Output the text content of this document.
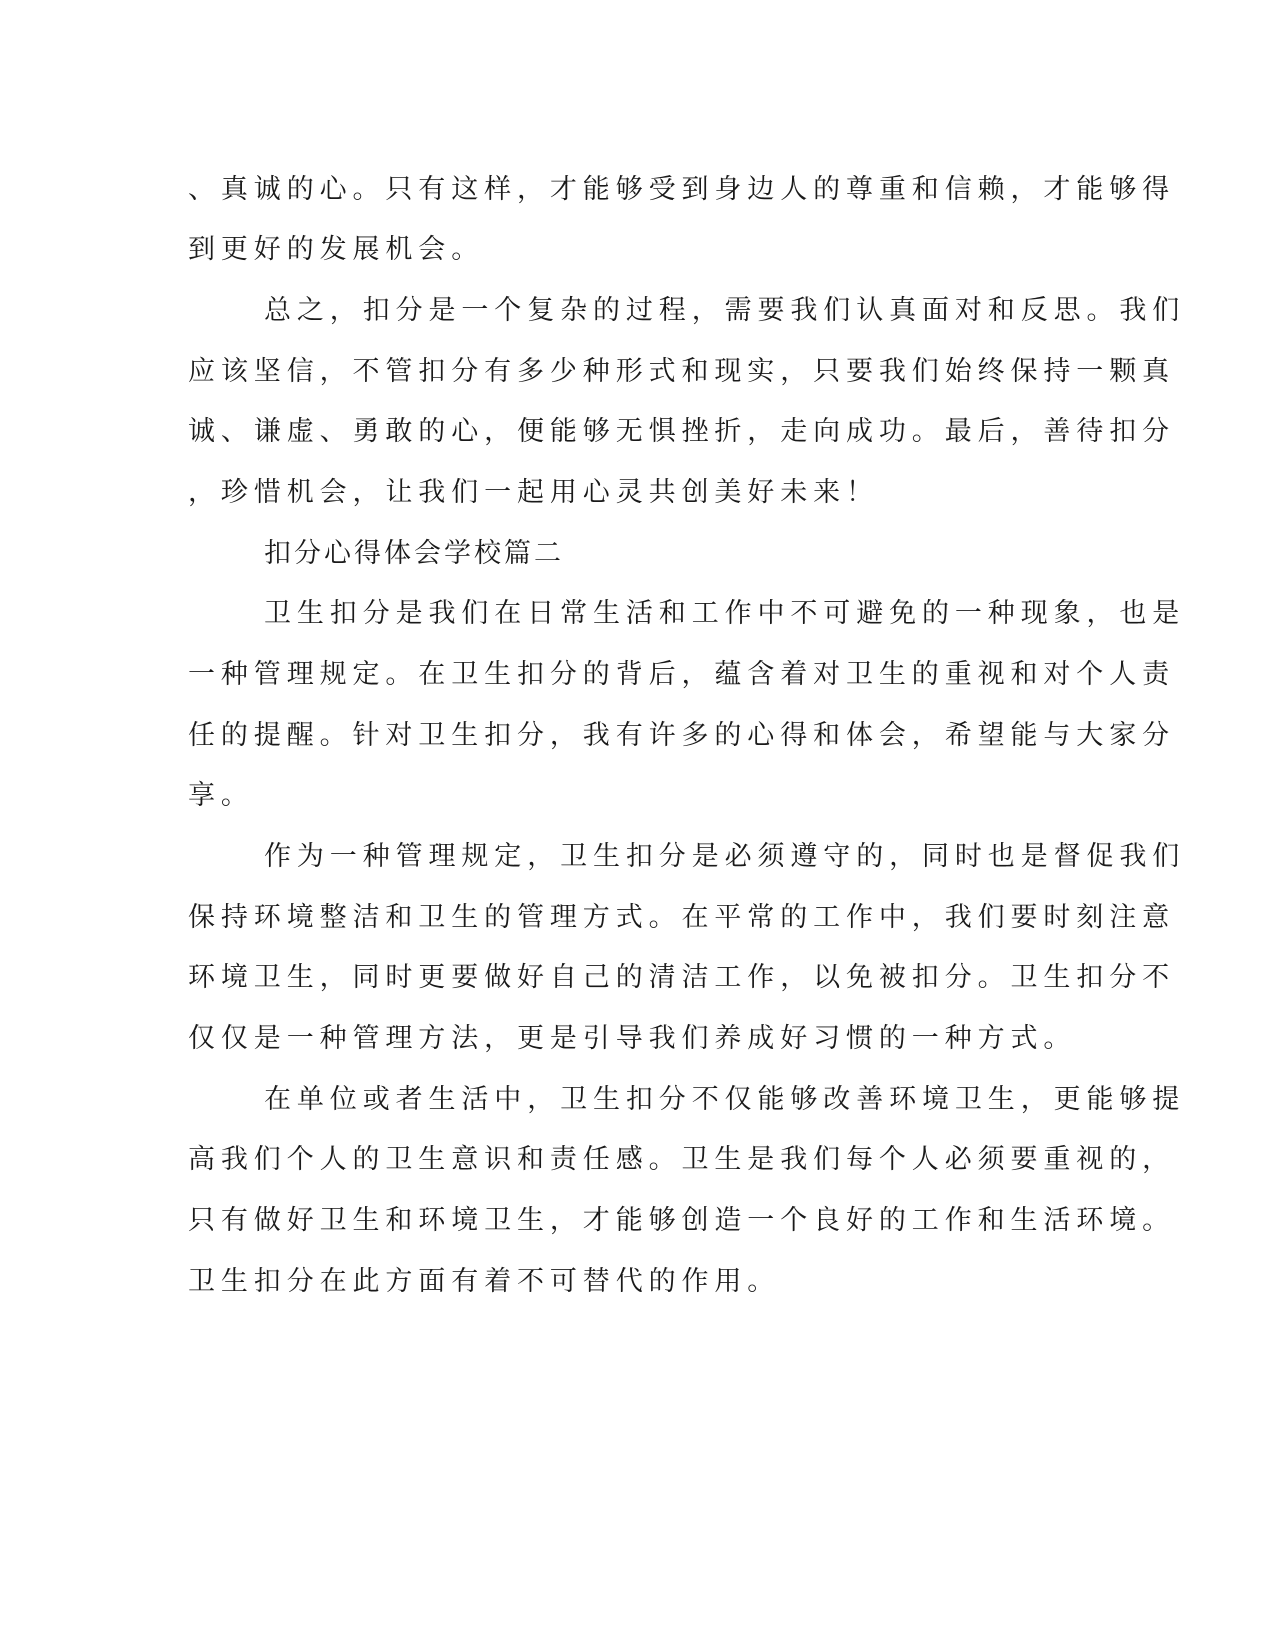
、真诚的心。只有这样，才能够受到身边人的尊重和信赖，才能够得
到更好的发展机会。
总之，扣分是一个复杂的过程，需要我们认真面对和反思。我们
应该坚信，不管扣分有多少种形式和现实，只要我们始终保持一颗真
诚、谦虚、勇敢的心，便能够无惧挫折，走向成功。最后，善待扣分
，珍惜机会，让我们一起用心灵共创美好未来！
扣分心得体会学校篇二
卫生扣分是我们在日常生活和工作中不可避免的一种现象，也是
一种管理规定。在卫生扣分的背后，蕴含着对卫生的重视和对个人责
任的提醒。针对卫生扣分，我有许多的心得和体会，希望能与大家分
享。
作为一种管理规定，卫生扣分是必须遵守的，同时也是督促我们
保持环境整洁和卫生的管理方式。在平常的工作中，我们要时刻注意
环境卫生，同时更要做好自己的清洁工作，以免被扣分。卫生扣分不
仅仅是一种管理方法，更是引导我们养成好习惯的一种方式。
在单位或者生活中，卫生扣分不仅能够改善环境卫生，更能够提
高我们个人的卫生意识和责任感。卫生是我们每个人必须要重视的，
只有做好卫生和环境卫生，才能够创造一个良好的工作和生活环境。
卫生扣分在此方面有着不可替代的作用。
